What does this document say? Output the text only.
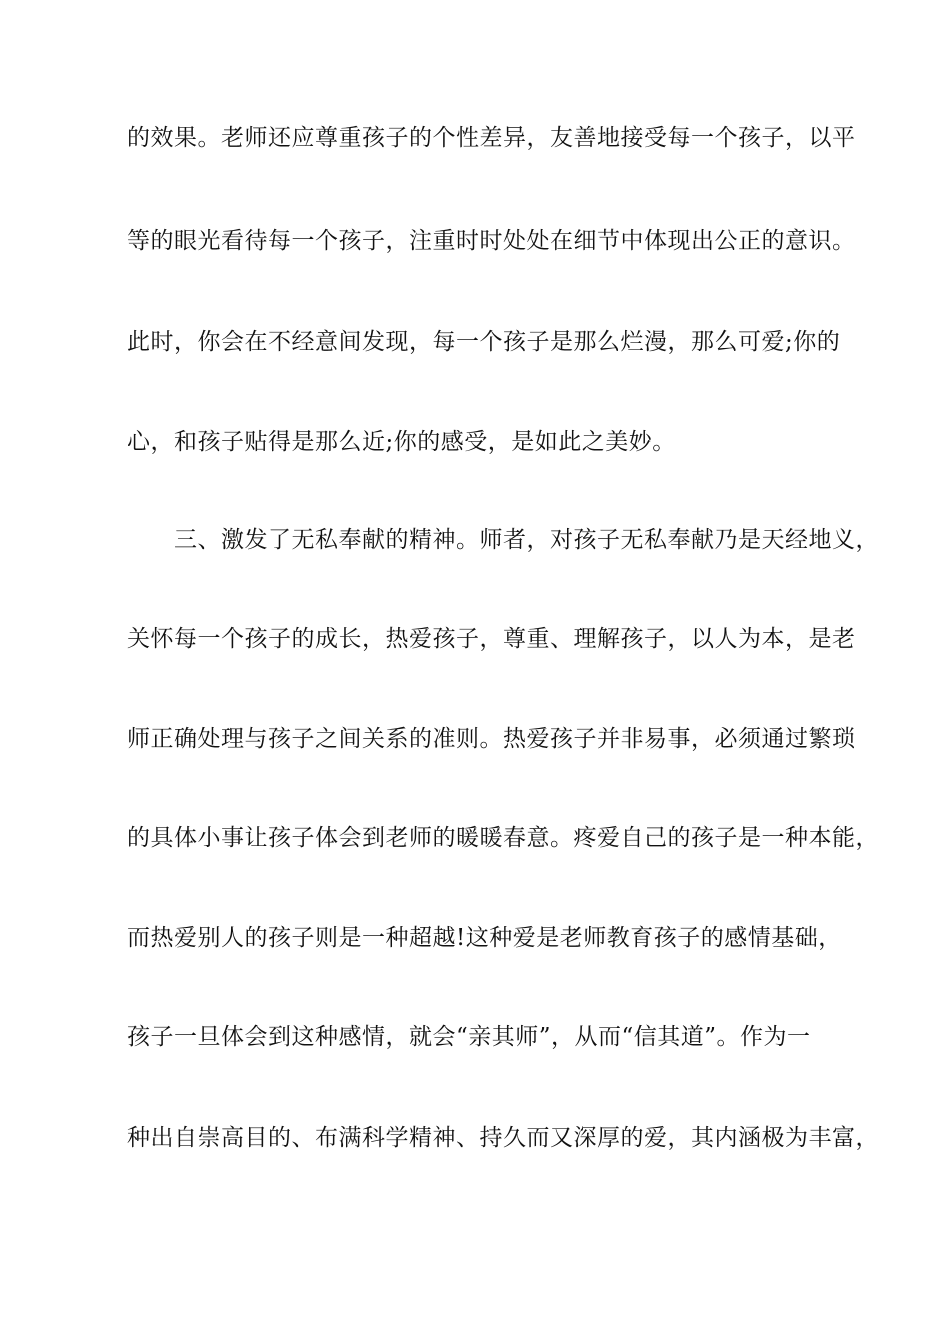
的效果。老师还应尊重孩子的个性差异，友善地接受每一个孩子，以平
等的眼光看待每一个孩子，注重时时处处在细节中体现出公正的意识。
此时，你会在不经意间发现，每一个孩子是那么烂漫，那么可爱;你的
心，和孩子贴得是那么近;你的感受，是如此之美妙。
三、激发了无私奉献的精神。师者，对孩子无私奉献乃是天经地义，
关怀每一个孩子的成长，热爱孩子，尊重、理解孩子，以人为本，是老
师正确处理与孩子之间关系的准则。热爱孩子并非易事，必须通过繁琐
的具体小事让孩子体会到老师的暖暖春意。疼爱自己的孩子是一种本能，
而热爱别人的孩子则是一种超越!这种爱是老师教育孩子的感情基础，
孩子一旦体会到这种感情，就会“亲其师”，从而“信其道”。作为一
种出自崇高目的、布满科学精神、持久而又深厚的爱，其内涵极为丰富，
